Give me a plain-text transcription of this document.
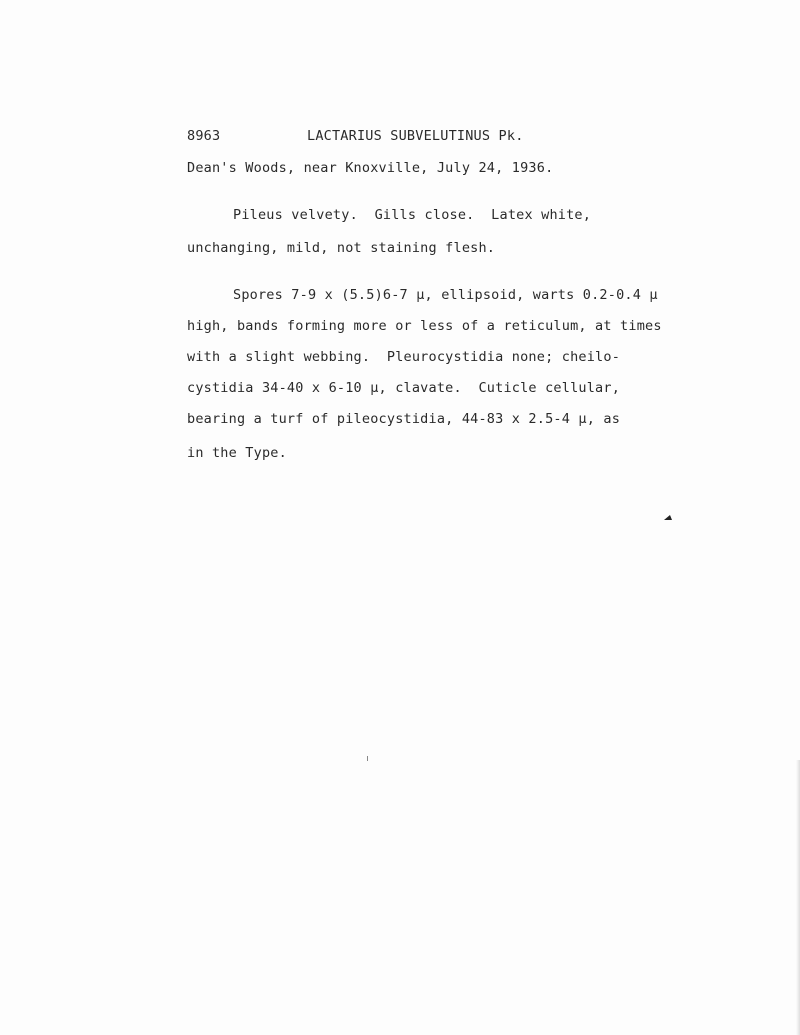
8963	LACTARIUS SUBVELUTINUS Pk.
Dean's Woods, near Knoxville, July 24, 1936.
Pileus velvety.  Gills close.  Latex white,
unchanging, mild, not staining flesh.
Spores 7-9 x (5.5)6-7 µ, ellipsoid, warts 0.2-0.4 µ
high, bands forming more or less of a reticulum, at times
with a slight webbing.  Pleurocystidia none; cheilo-
cystidia 34-40 x 6-10 µ, clavate.  Cuticle cellular,
bearing a turf of pileocystidia, 44-83 x 2.5-4 µ, as
in the Type.
